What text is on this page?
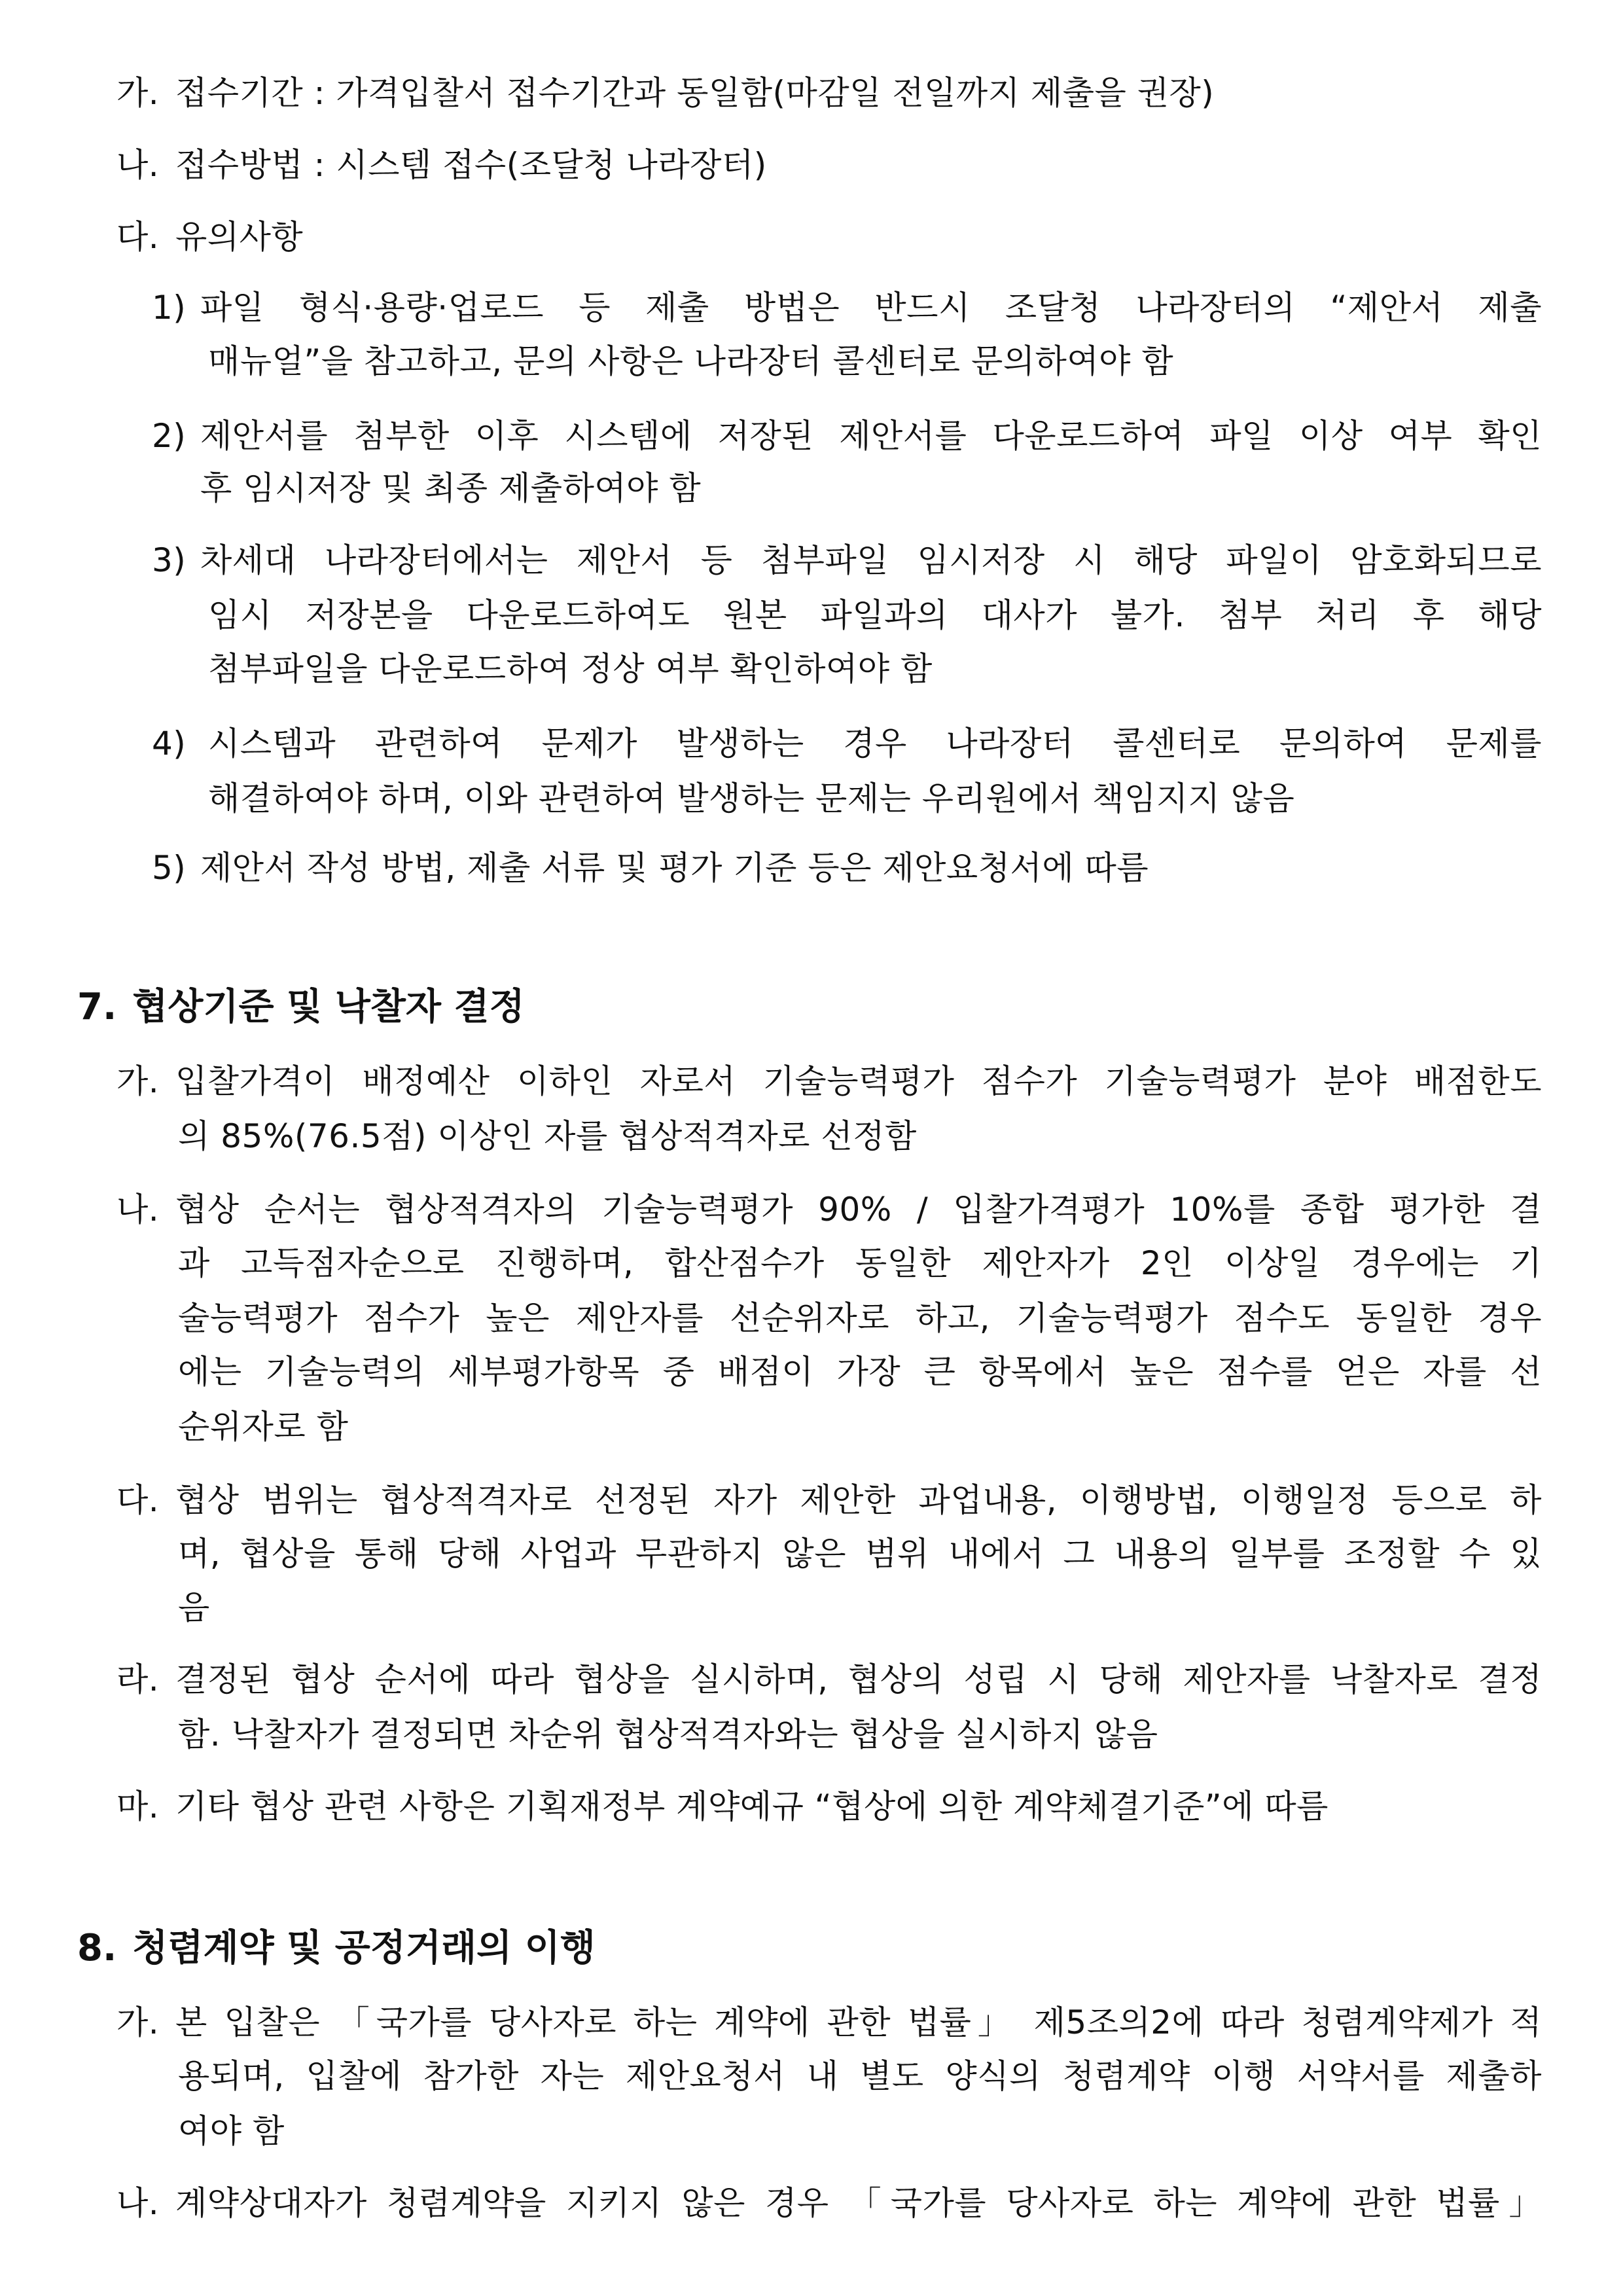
가. 접수기간 : 가격입찰서 접수기간과 동일함(마감일 전일까지 제출을 권장)
나. 접수방법 : 시스템 접수(조달청 나라장터)
다. 유의사항
1) 파일 형식·용량·업로드 등 제출 방법은 반드시 조달청 나라장터의 “제안서 제출
매뉴얼”을 참고하고, 문의 사항은 나라장터 콜센터로 문의하여야 함
2) 제안서를 첨부한 이후 시스템에 저장된 제안서를 다운로드하여 파일 이상 여부 확인
후 임시저장 및 최종 제출하여야 함
3) 차세대 나라장터에서는 제안서 등 첨부파일 임시저장 시 해당 파일이 암호화되므로
임시 저장본을 다운로드하여도 원본 파일과의 대사가 불가. 첨부 처리 후 해당
첨부파일을 다운로드하여 정상 여부 확인하여야 함
4) 시스템과 관련하여 문제가 발생하는 경우 나라장터 콜센터로 문의하여 문제를
해결하여야 하며, 이와 관련하여 발생하는 문제는 우리원에서 책임지지 않음
5) 제안서 작성 방법, 제출 서류 및 평가 기준 등은 제안요청서에 따름
7. 협상기준 및 낙찰자 결정
가. 입찰가격이 배정예산 이하인 자로서 기술능력평가 점수가 기술능력평가 분야 배점한도
의 85%(76.5점) 이상인 자를 협상적격자로 선정함
나. 협상 순서는 협상적격자의 기술능력평가 90% / 입찰가격평가 10%를 종합 평가한 결
과 고득점자순으로 진행하며, 합산점수가 동일한 제안자가 2인 이상일 경우에는 기
술능력평가 점수가 높은 제안자를 선순위자로 하고, 기술능력평가 점수도 동일한 경우
에는 기술능력의 세부평가항목 중 배점이 가장 큰 항목에서 높은 점수를 얻은 자를 선
순위자로 함
다. 협상 범위는 협상적격자로 선정된 자가 제안한 과업내용, 이행방법, 이행일정 등으로 하
며, 협상을 통해 당해 사업과 무관하지 않은 범위 내에서 그 내용의 일부를 조정할 수 있
음
라. 결정된 협상 순서에 따라 협상을 실시하며, 협상의 성립 시 당해 제안자를 낙찰자로 결정
함. 낙찰자가 결정되면 차순위 협상적격자와는 협상을 실시하지 않음
마. 기타 협상 관련 사항은 기획재정부 계약예규 “협상에 의한 계약체결기준”에 따름
8. 청렴계약 및 공정거래의 이행
가. 본 입찰은 「국가를 당사자로 하는 계약에 관한 법률」 제5조의2에 따라 청렴계약제가 적
용되며, 입찰에 참가한 자는 제안요청서 내 별도 양식의 청렴계약 이행 서약서를 제출하
여야 함
나. 계약상대자가 청렴계약을 지키지 않은 경우 「국가를 당사자로 하는 계약에 관한 법률」
